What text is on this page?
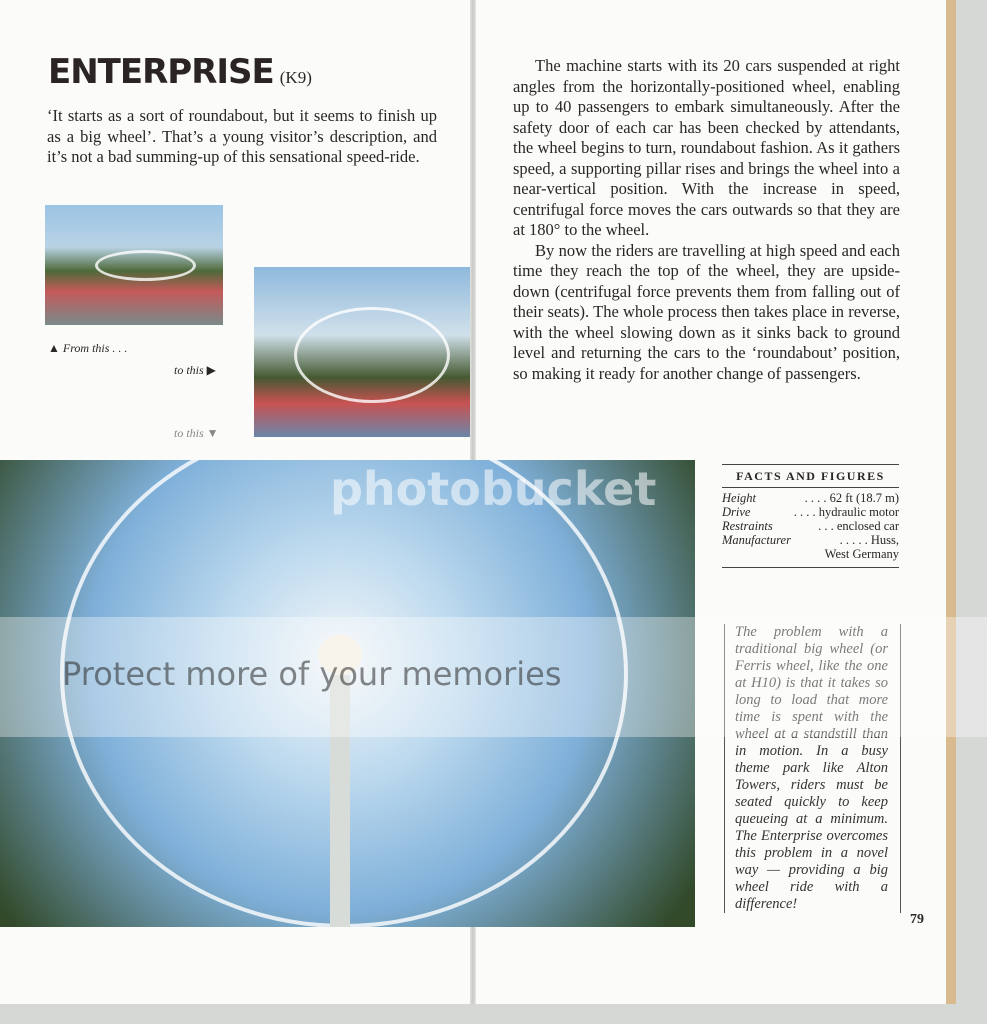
ENTERPRISE (K9)
‘It starts as a sort of roundabout, but it seems to finish up as a big wheel’. That’s a young visitor’s description, and it’s not a bad summing-up of this sensational speed-ride.
▲ From this . . .
to this ▶
to this ▼

The machine starts with its 20 cars suspended at right angles from the horizontally-positioned wheel, enabling up to 40 passengers to embark simultaneously. After the safety door of each car has been checked by attendants, the wheel begins to turn, roundabout fashion. As it gathers speed, a supporting pillar rises and brings the wheel into a near-vertical position. With the increase in speed, centrifugal force moves the cars outwards so that they are at 180° to the wheel.

By now the riders are travelling at high speed and each time they reach the top of the wheel, they are upside-down (centrifugal force prevents them from falling out of their seats). The whole process then takes place in reverse, with the wheel slowing down as it sinks back to ground level and returning the cars to the ‘roundabout’ position, so making it ready for another change of passengers.

FACTS AND FIGURES
Height	. . . . 62 ft (18.7 m)
Drive	. . . . hydraulic motor
Restraints	. . . enclosed car
Manufacturer	. . . . . Huss,
West Germany
The problem with a traditional big wheel (or Ferris wheel, like the one at H10) is that it takes so long to load that more time is spent with the wheel at a standstill than in motion. In a busy theme park like Alton Towers, riders must be seated quickly to keep queueing at a minimum. The Enterprise overcomes this problem in a novel way — providing a big wheel ride with a difference!
79
photobucket
Protect more of your memories
